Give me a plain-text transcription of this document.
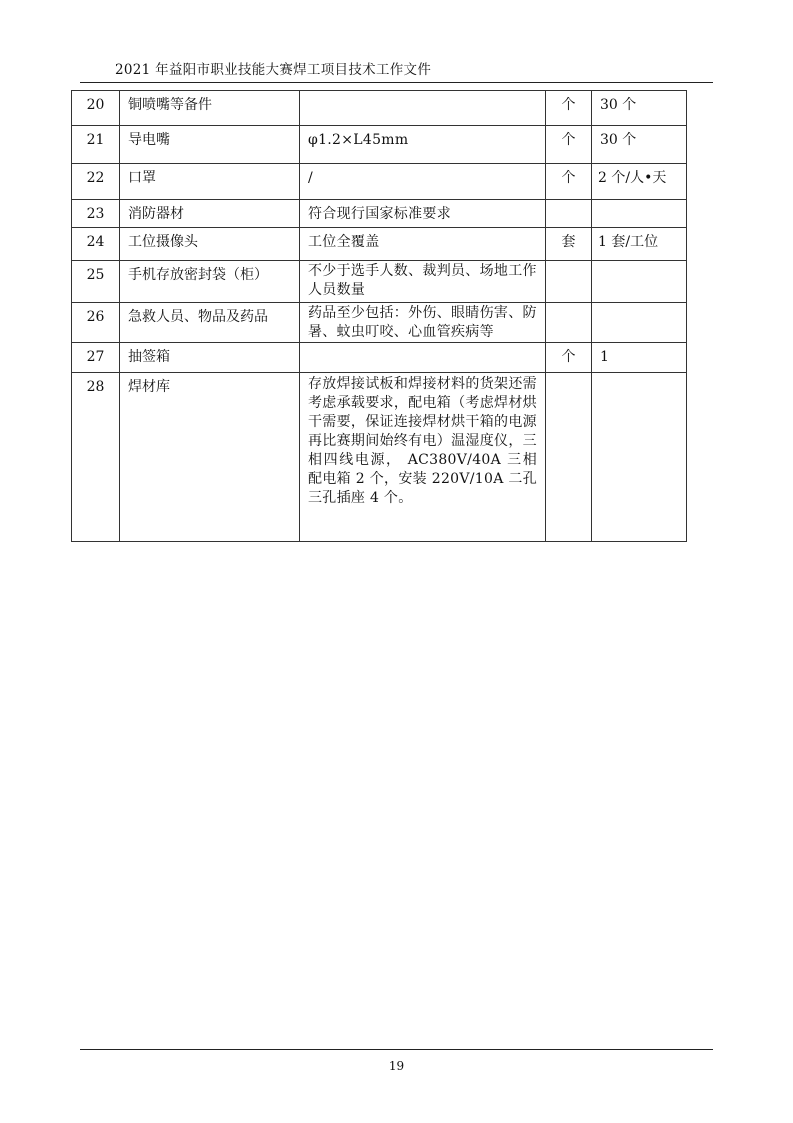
2021 年益阳市职业技能大赛焊工项目技术工作文件
20	铜喷嘴等备件		个	30 个
21	导电嘴	φ1.2×L45mm	个	30 个
22	口罩	/	个	2 个/人•天
23	消防器材	符合现行国家标准要求		
24	工位摄像头	工位全覆盖	套	1 套/工位
25	手机存放密封袋（柜）	不少于选手人数、裁判员、场地工作人员数量		
26	急救人员、物品及药品	药品至少包括：外伤、眼睛伤害、防暑、蚊虫叮咬、心血管疾病等		
27	抽签箱		个	1
28	焊材库	存放焊接试板和焊接材料的货架还需考虑承载要求，配电箱（考虑焊材烘干需要，保证连接焊材烘干箱的电源再比赛期间始终有电）温湿度仪，三相四线电源， AC380V/40A 三相配电箱 2 个，安装 220V/10A 二孔三孔插座 4 个。		
19
